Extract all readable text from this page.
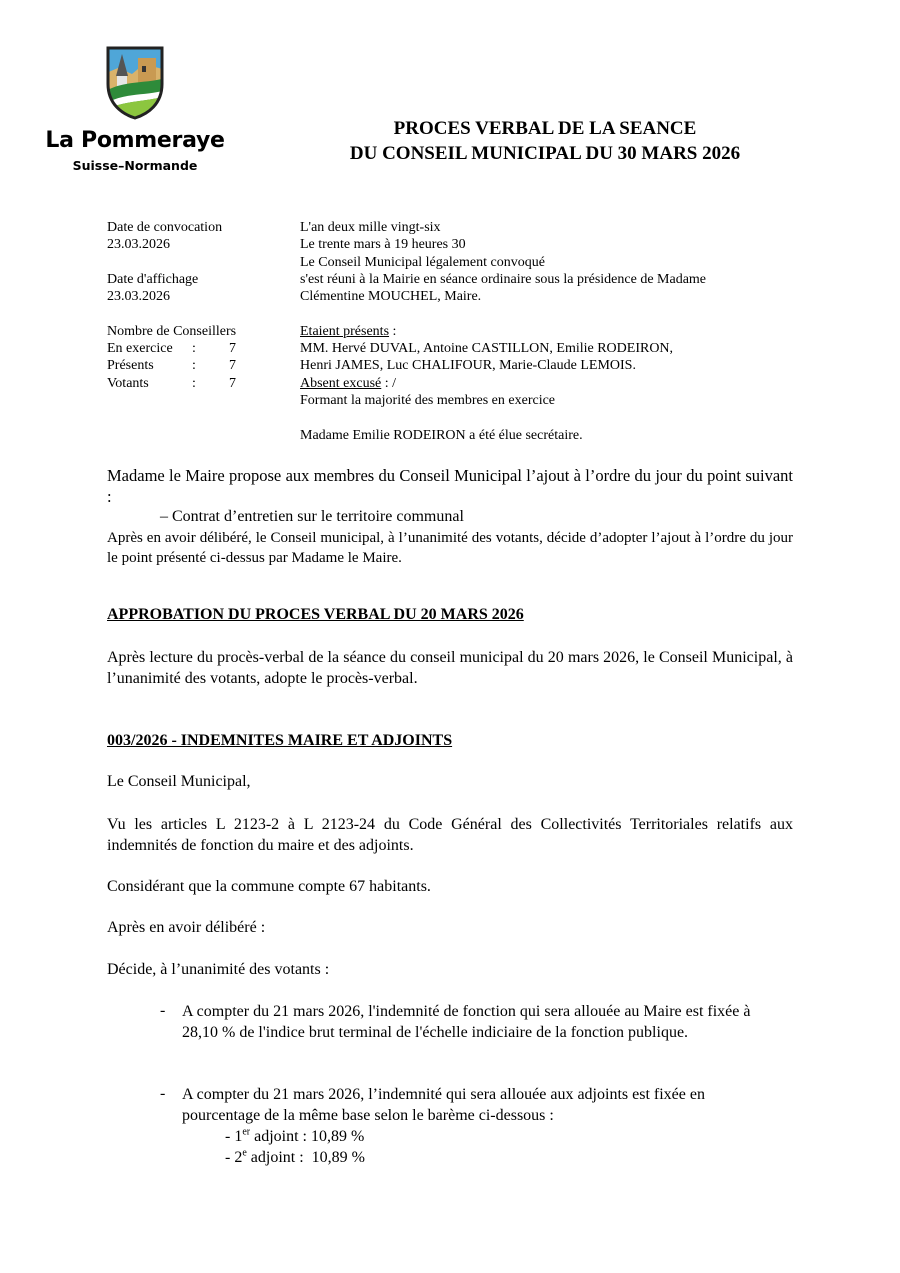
La Pommeraye
Suisse–Normande
PROCES VERBAL DE LA SEANCE
DU CONSEIL MUNICIPAL DU 30 MARS 2026
Date de convocation
23.03.2026
Date d'affichage
23.03.2026
Nombre de Conseillers
En exercice	:	7
Présents	:	7
Votants	:	7
L'an deux mille vingt-six
Le trente mars à 19 heures 30
Le Conseil Municipal légalement convoqué
s'est réuni à la Mairie en séance ordinaire sous la présidence de Madame
Clémentine MOUCHEL, Maire.
Etaient présents :
MM. Hervé DUVAL, Antoine CASTILLON, Emilie RODEIRON,
Henri JAMES, Luc CHALIFOUR, Marie-Claude LEMOIS.
Absent excusé : /
Formant la majorité des membres en exercice
Madame Emilie RODEIRON a été élue secrétaire.
Madame le Maire propose aux membres du Conseil Municipal l’ajout à l’ordre du jour du point suivant :
– Contrat d’entretien sur le territoire communal
Après en avoir délibéré, le Conseil municipal, à l’unanimité des votants, décide d’adopter l’ajout à l’ordre du jour le point présenté ci-dessus par Madame le Maire.
APPROBATION DU PROCES VERBAL DU 20 MARS 2026
Après lecture du procès-verbal de la séance du conseil municipal du 20 mars 2026, le Conseil Municipal, à l’unanimité des votants, adopte le procès-verbal.
003/2026 - INDEMNITES MAIRE ET ADJOINTS
Le Conseil Municipal,
Vu les articles L 2123-2 à L 2123-24 du Code Général des Collectivités Territoriales relatifs aux indemnités de fonction du maire et des adjoints.
Considérant que la commune compte 67 habitants.
Après en avoir délibéré :
Décide, à l’unanimité des votants :
- A compter du 21 mars 2026, l'indemnité de fonction qui sera allouée au Maire est fixée à 28,10 % de l'indice brut terminal de l'échelle indiciaire de la fonction publique.
- A compter du 21 mars 2026, l’indemnité qui sera allouée aux adjoints est fixée en pourcentage de la même base selon le barème ci-dessous :
- 1er adjoint : 10,89 %
- 2e adjoint :  10,89 %
